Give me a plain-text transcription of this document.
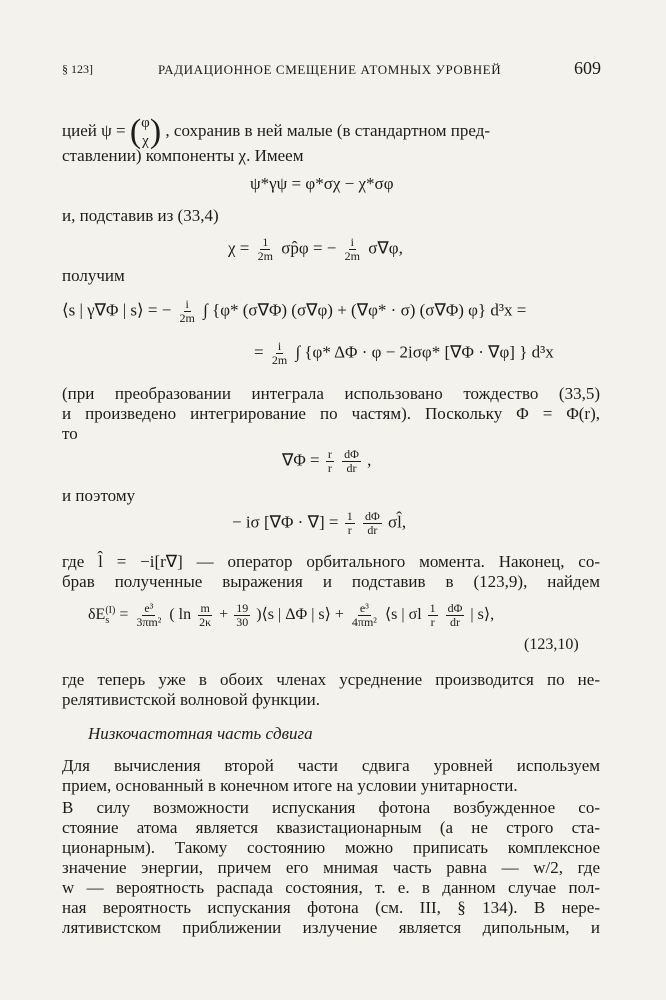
§ 123]	РАДИАЦИОННОЕ СМЕЩЕНИЕ АТОМНЫХ УРОВНЕЙ	609
цией ψ = ( φ
χ ) , сохранив в ней малые (в стандартном пред-
ставлении) компоненты χ. Имеем
ψ*γψ = φ*σχ − χ*σφ
и, подставив из (33,4)
$\chi = \frac{1}{2m}$ σp̂φ = − $\frac{i}{2m} \sigma\nabla\varphi$,
получим
⟨s | γ∇Φ | s⟩ = − $\frac{i}{2m}$ ∫ {φ* (σ∇Φ) (σ∇φ) + (∇φ* · σ) (σ∇Φ) φ} d³x =
= $\frac{i}{2m}$ ∫ {φ* ΔΦ · φ − 2iσφ* [∇Φ · ∇φ] } d³x
(при преобразовании интеграла использовано тождество (33,5)
и произведено интегрирование по частям). Поскольку Φ = Φ(r),
то
$\nabla\Phi = \frac{r}{r}$
$\frac{d\Phi}{dr}$ ,
и поэтому
− iσ [∇Φ · ∇] = $\frac{1}{r}$
$\frac{d\Phi}{dr}$ σl̂,
где l̂ = −i[r∇] — оператор орбитального момента. Наконец, со-
брав полученные выражения и подставив в (123,9), найдем
δE (I)
$s = \frac{\text{e³}}{\text{3πm²}}$ ( $\ln \frac{m}{2\kappa} + \frac{19}{30}$ )⟨s | ΔΦ | s⟩ + $\frac{\text{e³}}{\text{4πm²}}$ ⟨s | σl $\frac{1}{r}$
$\frac{d\Phi}{dr}$ | s⟩,
(123,10)
где теперь уже в обоих членах усреднение производится по не-
релятивистской волновой функции.
Низкочастотная часть сдвига
Для вычисления второй части сдвига уровней используем
прием, основанный в конечном итоге на условии унитарности.
В силу возможности испускания фотона возбужденное со-
стояние атома является квазистационарным (а не строго ста-
ционарным). Такому состоянию можно приписать комплексное
значение энергии, причем его мнимая часть равна — w/2, где
w — вероятность распада состояния, т. е. в данном случае пол-
ная вероятность испускания фотона (см. III, § 134). В нере-
лятивистском приближении излучение является дипольным, и
